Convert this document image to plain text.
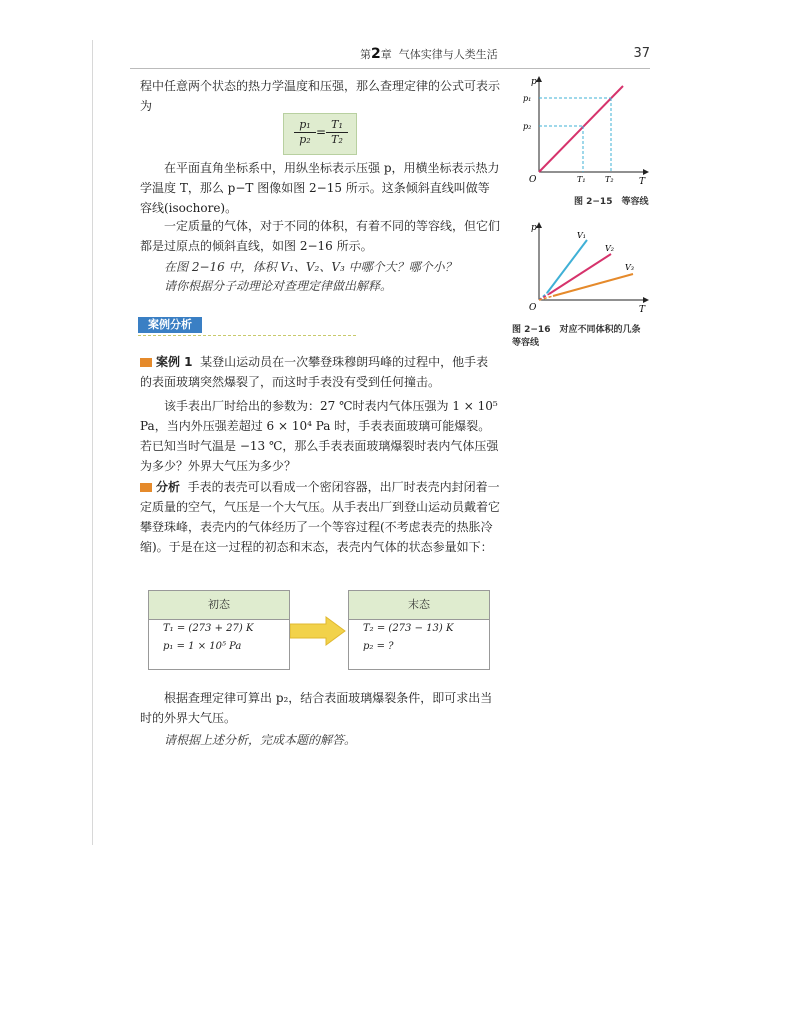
第2章 气体实律与人类生活	37

程中任意两个状态的热力学温度和压强，那么查理定律的公式可表示为

$\frac{\text{p₁}}{\text{p₂}} = \frac{\text{T₁}}{\text{T₂}}$

在平面直角坐标系中，用纵坐标表示压强 p，用横坐标表示热力学温度 T，那么 p−T 图像如图 2−15 所示。这条倾斜直线叫做等容线(isochore)。

一定质量的气体，对于不同的体积，有着不同的等容线，但它们都是过原点的倾斜直线，如图 2−16 所示。

在图 2−16 中，体积 V₁、V₂、V₃ 中哪个大？哪个小？

请你根据分子动理论对查理定律做出解释。

案例分析

案例 1 某登山运动员在一次攀登珠穆朗玛峰的过程中，他手表的表面玻璃突然爆裂了，而这时手表没有受到任何撞击。

该手表出厂时给出的参数为：27 ℃时表内气体压强为 1 × 10⁵ Pa，当内外压强差超过 6 × 10⁴ Pa 时，手表表面玻璃可能爆裂。若已知当时气温是 −13 ℃，那么手表表面玻璃爆裂时表内气体压强为多少？外界大气压为多少？

分析 手表的表壳可以看成一个密闭容器，出厂时表壳内封闭着一定质量的空气，气压是一个大气压。从手表出厂到登山运动员戴着它攀登珠峰，表壳内的气体经历了一个等容过程(不考虑表壳的热胀冷缩)。于是在这一过程的初态和末态，表壳内气体的状态参量如下：

初态
T₁ = (273 + 27) K
p₁ = 1 × 10⁵ Pa
末态
T₂ = (273 − 13) K
p₂ = ?

根据查理定律可算出 p₂，结合表面玻璃爆裂条件，即可求出当时的外界大气压。

请根据上述分析，完成本题的解答。

p
T
O
p₁
p₂
T₁ T₂
图 2−15　等容线
p
T
O
V₁
V₂
V₃
图 2−16　对应不同体积的几条
等容线
